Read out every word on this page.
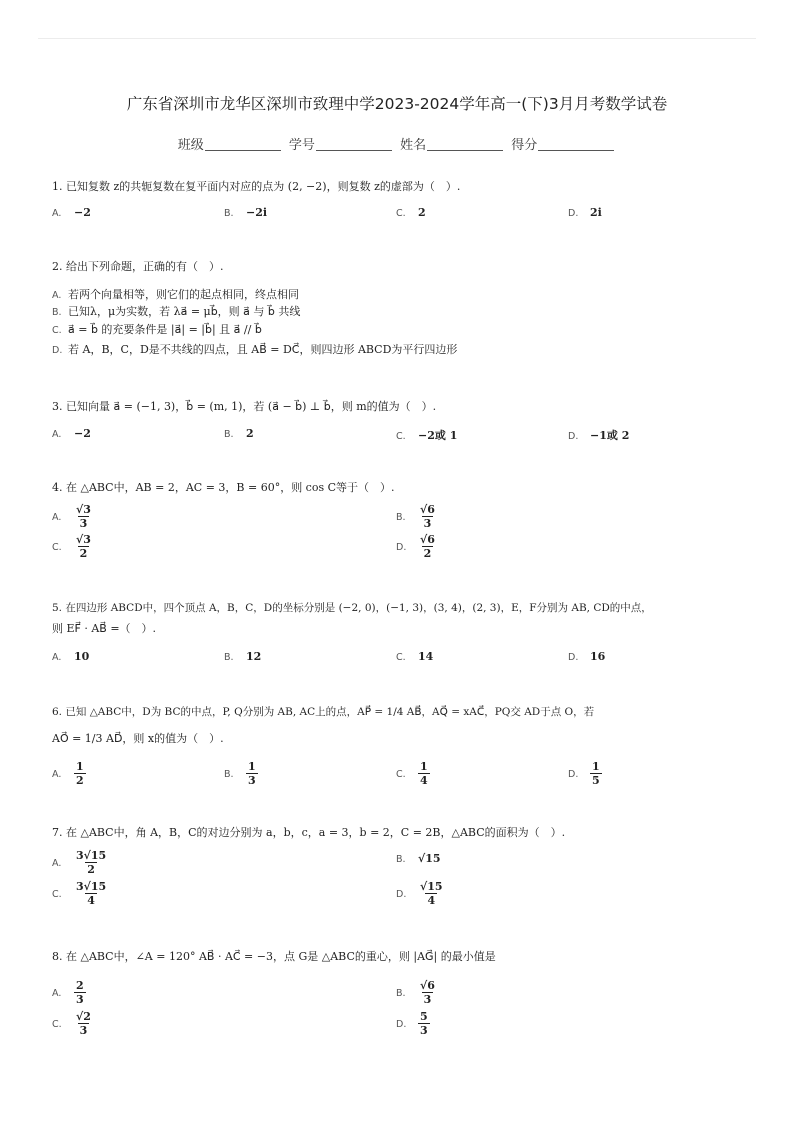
广东省深圳市龙华区深圳市致理中学2023-2024学年高一(下)3月月考数学试卷
班级	学号	姓名	得分
1. 已知复数 z的共轭复数在复平面内对应的点为 (2, −2)，则复数 z的虚部为（　）.
A. −2	B. −2i	C. 2	D. 2i
2. 给出下列命题，正确的有（　）.
A. 若两个向量相等，则它们的起点相同，终点相同
B. 已知λ，μ为实数，若 λa⃗ = μb⃗，则 a⃗ 与 b⃗ 共线
C. a⃗ = b⃗ 的充要条件是 |a⃗| = |b⃗| 且 a⃗ // b⃗
D. 若 A，B，C，D是不共线的四点，且 AB⃗ = DC⃗，则四边形 ABCD为平行四边形
3. 已知向量 a⃗ = (−1, 3)，b⃗ = (m, 1)，若 (a⃗ − b⃗) ⊥ b⃗，则 m的值为（　）.
A. −2	B. 2	C. −2或 1	D. −1或 2
4. 在 △ABC中，AB = 2，AC = 3，B = 60°，则 cos C等于（　）.
A. $\frac{√3}{3}$	B. $\frac{√6}{3}$
C. $\frac{√3}{2}$	D. $\frac{√6}{2}$
5. 在四边形 ABCD中，四个顶点 A，B，C，D的坐标分别是 (−2, 0)，(−1, 3)，(3, 4)，(2, 3)，E，F分别为 AB, CD的中点，
则 EF⃗ · AB⃗ =（　）.
A. 10	B. 12	C. 14	D. 16
6. 已知 △ABC中，D为 BC的中点，P, Q分别为 AB, AC上的点，AP⃗ = 1/4 AB⃗，AQ⃗ = xAC⃗，PQ交 AD于点 O，若
AO⃗ = 1/3 AD⃗，则 x的值为（　）.
A. $\frac{1}{2}$	B. $\frac{1}{3}$	C. $\frac{1}{4}$	D. $\frac{1}{5}$
7. 在 △ABC中，角 A，B，C的对边分别为 a，b，c，a = 3，b = 2，C = 2B，△ABC的面积为（　）.
A. $\frac{3√15}{2}$	B. √15
C. $\frac{3√15}{4}$	D. $\frac{√15}{4}$
8. 在 △ABC中，∠A = 120° AB⃗ · AC⃗ = −3，点 G是 △ABC的重心，则 |AG⃗| 的最小值是
A. $\frac{2}{3}$	B. $\frac{√6}{3}$
C. $\frac{√2}{3}$	D. $\frac{5}{3}$
